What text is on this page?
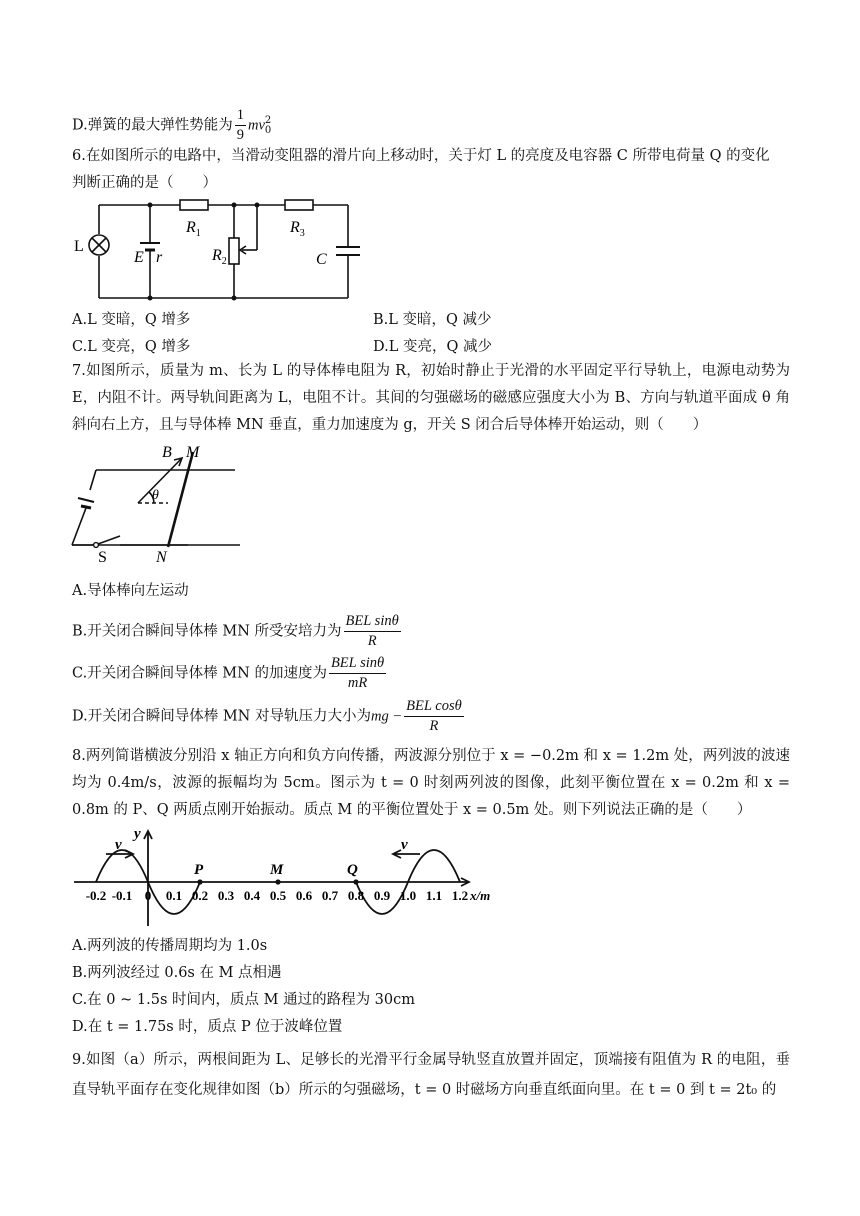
D.弹簧的最大弹性势能为 $\frac{1}{9}$ mv 2
0
6.在如图所示的电路中，当滑动变阻器的滑片向上移动时，关于灯 L 的亮度及电容器 C 所带电荷量 Q 的变化
判断正确的是（　　）
L
E r
$R_1$
$R_2$
$R_3$
C
A.L 变暗，Q 增多	B.L 变暗，Q 减少
C.L 变亮，Q 增多	D.L 变亮，Q 减少
7.如图所示，质量为 m、长为 L 的导体棒电阻为 R，初始时静止于光滑的水平固定平行导轨上，电源电动势为 E，内阻不计。两导轨间距离为 L，电阻不计。其间的匀强磁场的磁感应强度大小为 B、方向与轨道平面成 θ 角斜向右上方，且与导体棒 MN 垂直，重力加速度为 g，开关 S 闭合后导体棒开始运动，则（　　）
B M
θ
S	N
A.导体棒向左运动
B.开关闭合瞬间导体棒 MN 所受安培力为 $\frac{\text{BEL sinθ}}{R}$
C.开关闭合瞬间导体棒 MN 的加速度为 $\frac{\text{BEL sinθ}}{mR}$
D.开关闭合瞬间导体棒 MN 对导轨压力大小为mg − $\frac{\text{BEL cosθ}}{R}$
8.两列简谐横波分别沿 x 轴正方向和负方向传播，两波源分别位于 x = −0.2m 和 x = 1.2m 处，两列波的波速均为 0.4m/s，波源的振幅均为 5cm。图示为 t = 0 时刻两列波的图像，此刻平衡位置在 x = 0.2m 和 x = 0.8m 的 P、Q 两质点刚开始振动。质点 M 的平衡位置处于 x = 0.5m 处。则下列说法正确的是（　　）
y
v	v
P	M	Q
x/m
-0.2 -0.1 0 0.1 0.2 0.3 0.4 0.5 0.6 0.7 0.8 0.9 1.0 1.1 1.2
A.两列波的传播周期均为 1.0s
B.两列波经过 0.6s 在 M 点相遇
C.在 0 ~ 1.5s 时间内，质点 M 通过的路程为 30cm
D.在 t = 1.75s 时，质点 P 位于波峰位置
9.如图（a）所示，两根间距为 L、足够长的光滑平行金属导轨竖直放置并固定，顶端接有阻值为 R 的电阻，垂直导轨平面存在变化规律如图（b）所示的匀强磁场，t = 0 时磁场方向垂直纸面向里。在 t = 0 到 t = 2t₀ 的
